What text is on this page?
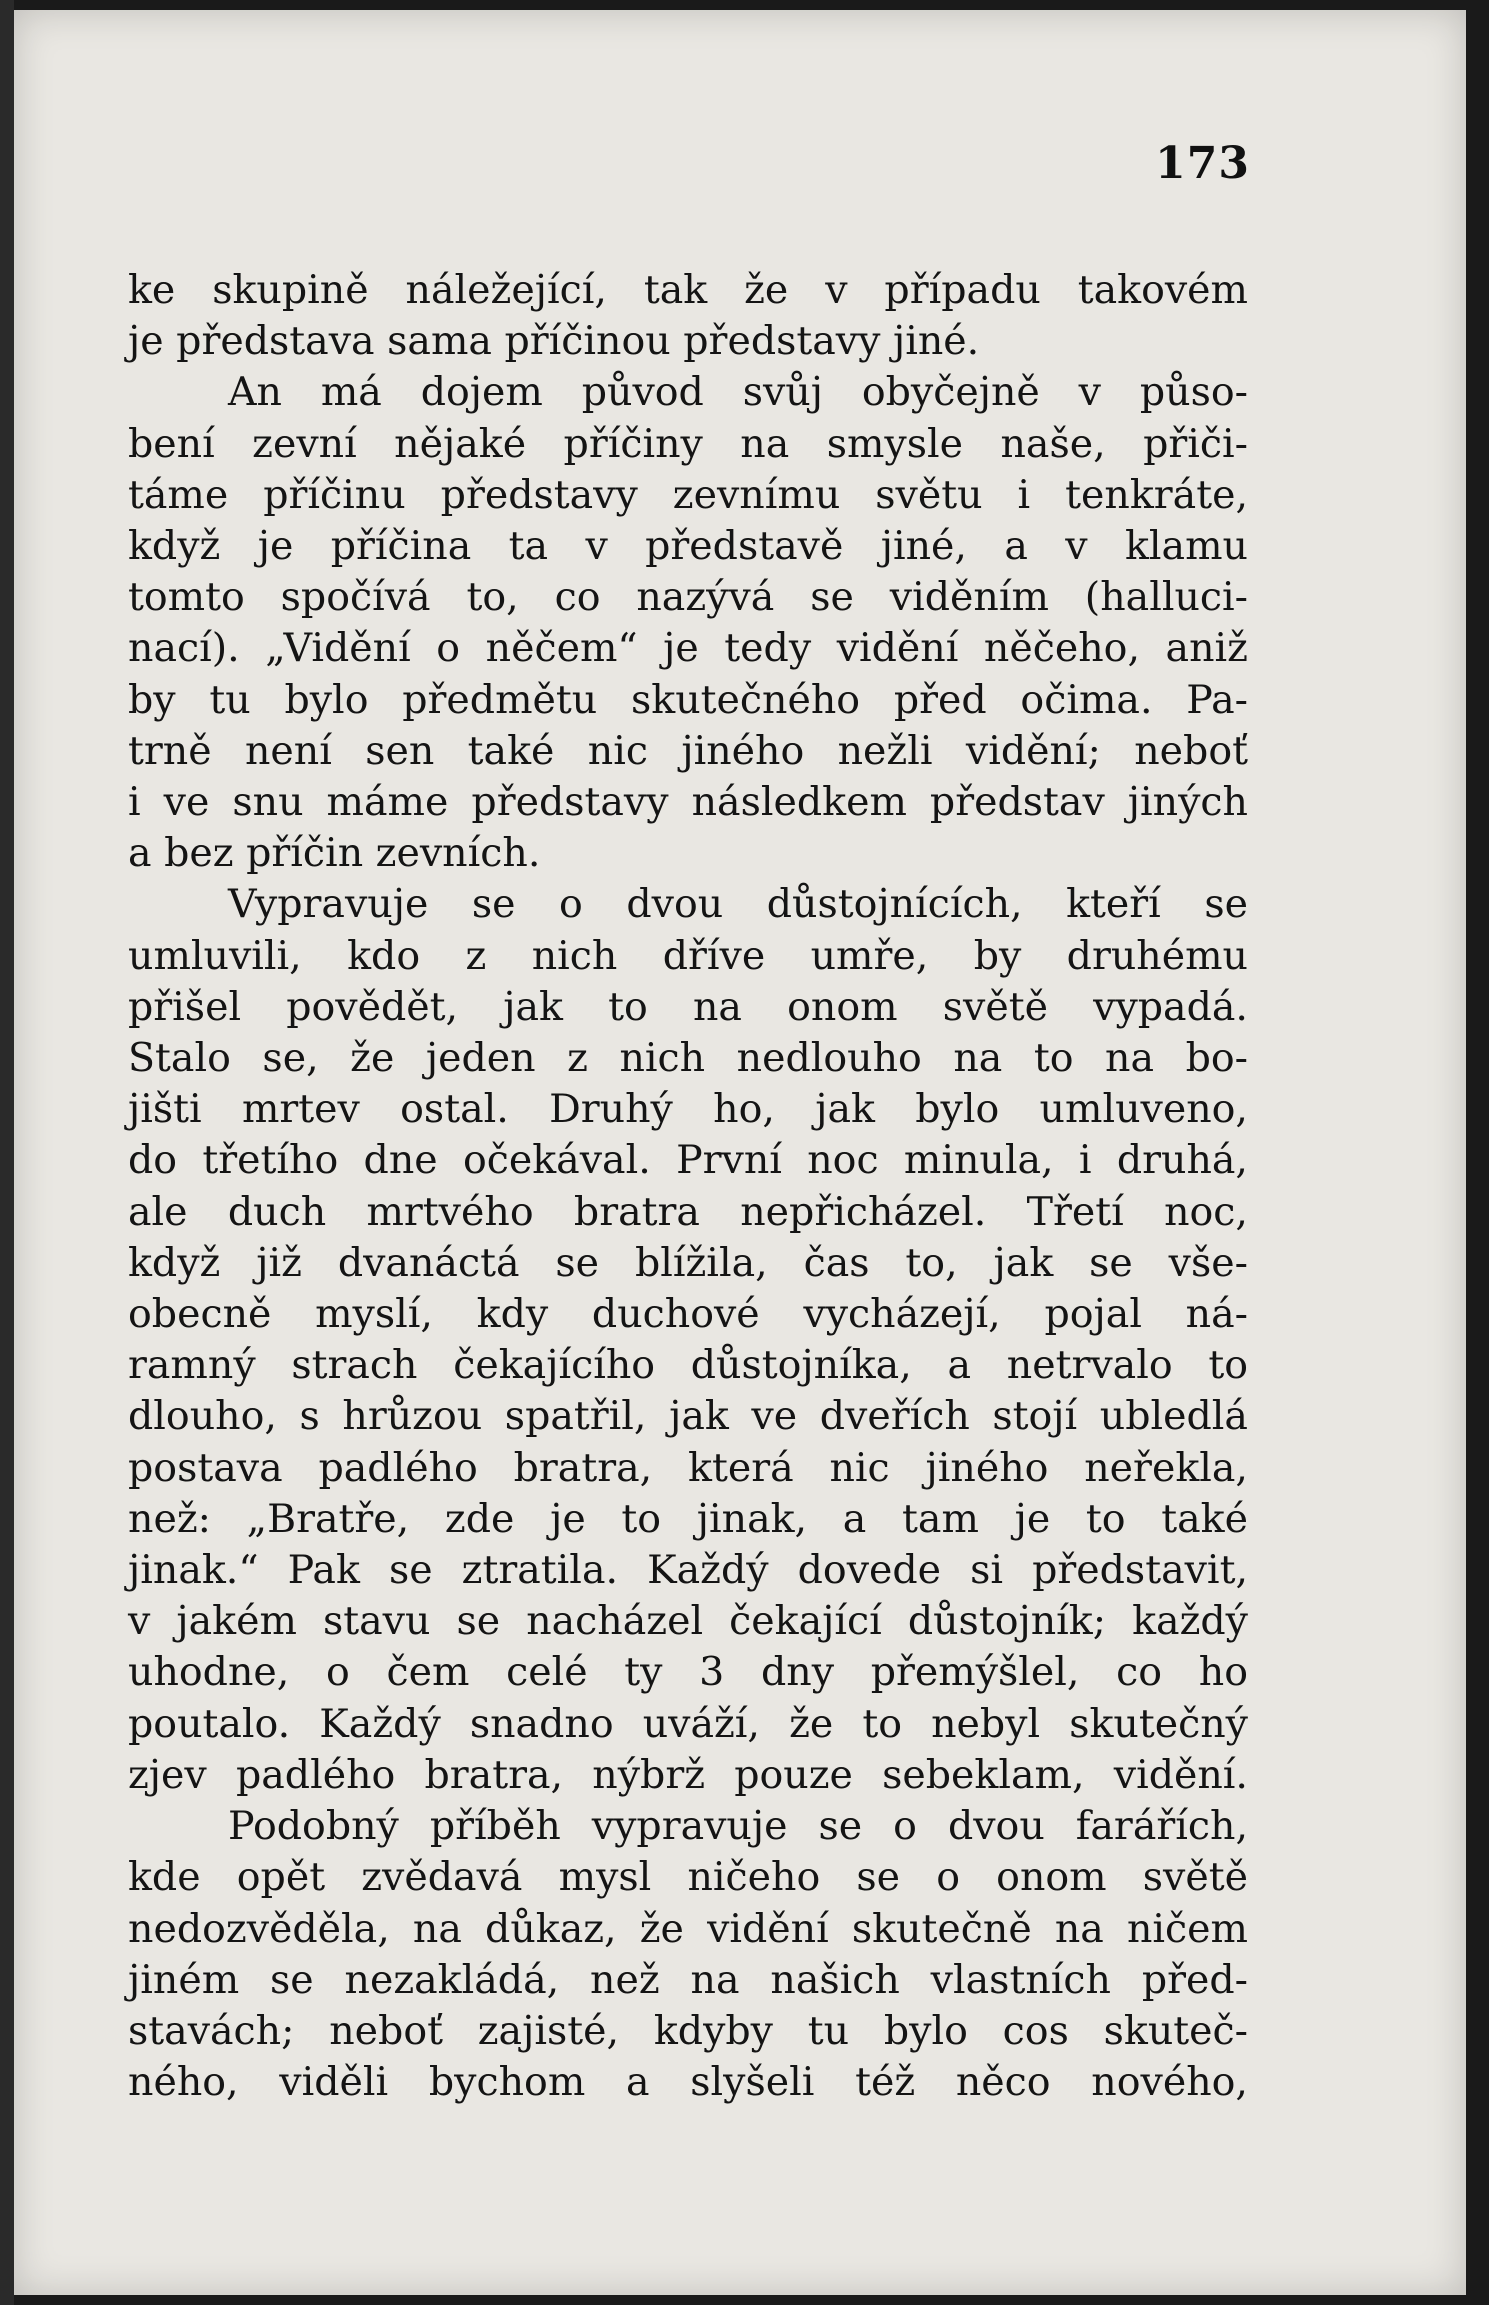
173
ke skupině náležející, tak že v případu takovém
je představa sama příčinou představy jiné.
An má dojem původ svůj obyčejně v půso-
bení zevní nějaké příčiny na smysle naše, přiči-
táme příčinu představy zevnímu světu i tenkráte,
když je příčina ta v představě jiné, a v klamu
tomto spočívá to, co nazývá se viděním (halluci-
nací). „Vidění o něčem“ je tedy vidění něčeho, aniž
by tu bylo předmětu skutečného před očima. Pa-
trně není sen také nic jiného nežli vidění; neboť
i ve snu máme představy následkem představ jiných
a bez příčin zevních.
Vypravuje se o dvou důstojnících, kteří se
umluvili, kdo z nich dříve umře, by druhému
přišel povědět, jak to na onom světě vypadá.
Stalo se, že jeden z nich nedlouho na to na bo-
jišti mrtev ostal. Druhý ho, jak bylo umluveno,
do třetího dne očekával. První noc minula, i druhá,
ale duch mrtvého bratra nepřicházel. Třetí noc,
když již dvanáctá se blížila, čas to, jak se vše-
obecně myslí, kdy duchové vycházejí, pojal ná-
ramný strach čekajícího důstojníka, a netrvalo to
dlouho, s hrůzou spatřil, jak ve dveřích stojí ubledlá
postava padlého bratra, která nic jiného neřekla,
než: „Bratře, zde je to jinak, a tam je to také
jinak.“ Pak se ztratila. Každý dovede si představit,
v jakém stavu se nacházel čekající důstojník; každý
uhodne, o čem celé ty 3 dny přemýšlel, co ho
poutalo. Každý snadno uváží, že to nebyl skutečný
zjev padlého bratra, nýbrž pouze sebeklam, vidění.
Podobný příběh vypravuje se o dvou farářích,
kde opět zvědavá mysl ničeho se o onom světě
nedozvěděla, na důkaz, že vidění skutečně na ničem
jiném se nezakládá, než na našich vlastních před-
stavách; neboť zajisté, kdyby tu bylo cos skuteč-
ného, viděli bychom a slyšeli též něco nového,
